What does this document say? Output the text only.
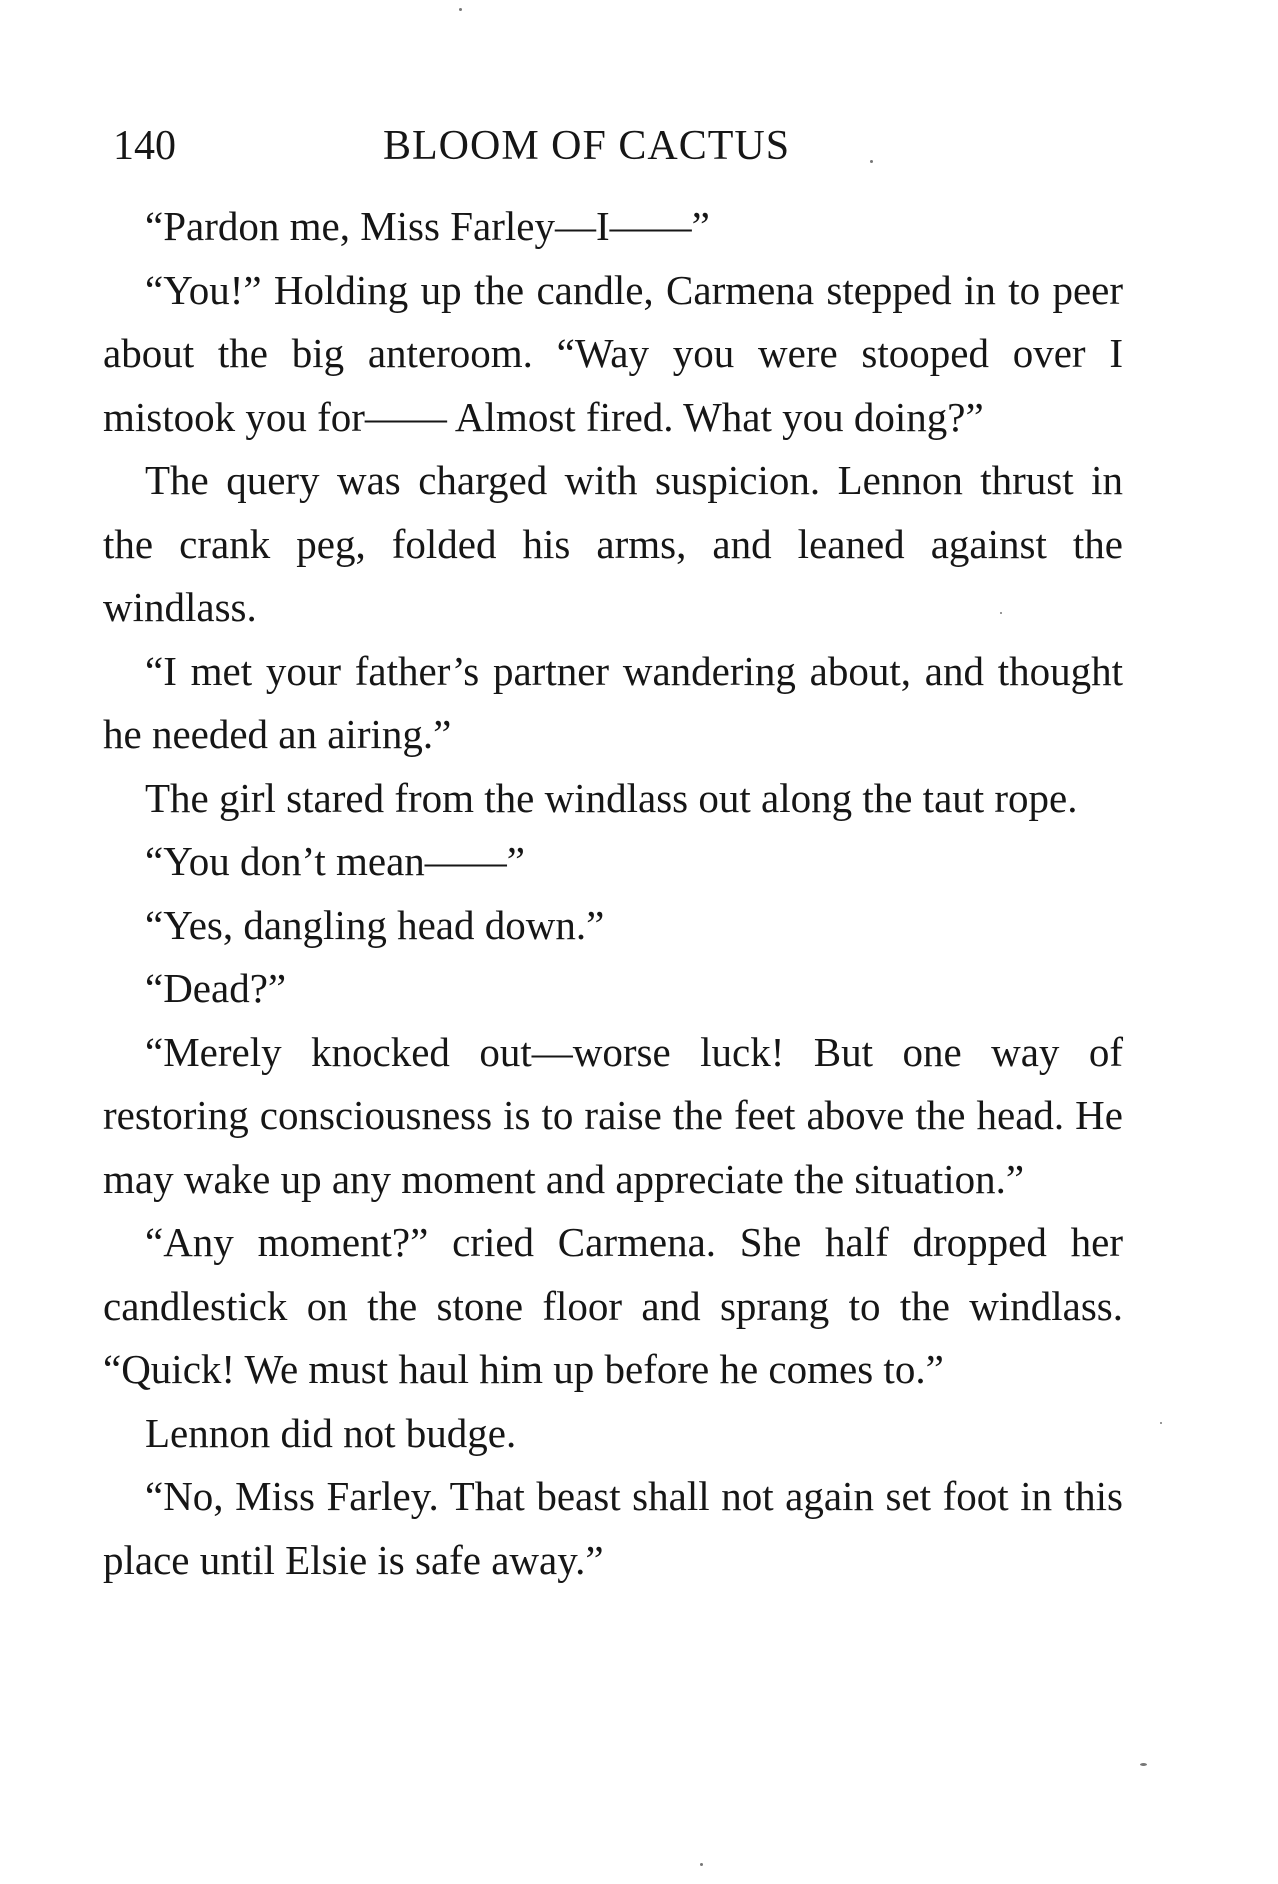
140	BLOOM OF CACTUS

“Pardon me, Miss Farley—I——”

“You!” Holding up the candle, Carmena stepped in to peer about the big anteroom. “Way you were stooped over I mistook you for—— Almost fired. What you doing?”

The query was charged with suspicion. Lennon thrust in the crank peg, folded his arms, and leaned against the windlass.

“I met your father’s partner wandering about, and thought he needed an airing.”

The girl stared from the windlass out along the taut rope.

“You don’t mean——”

“Yes, dangling head down.”

“Dead?”

“Merely knocked out—worse luck! But one way of restoring consciousness is to raise the feet above the head. He may wake up any moment and appreciate the situation.”

“Any moment?” cried Carmena. She half dropped her candlestick on the stone floor and sprang to the windlass. “Quick! We must haul him up before he comes to.”

Lennon did not budge.

“No, Miss Farley. That beast shall not again set foot in this place until Elsie is safe away.”
